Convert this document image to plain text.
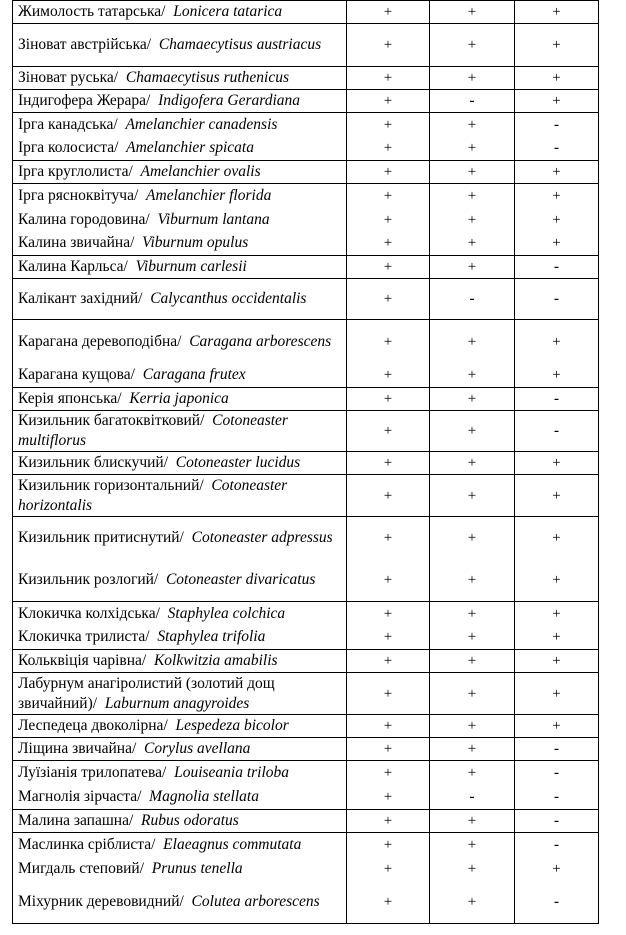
Жимолость татарська/ Lonicera tatarica	+	+	+
Зіноват австрійська/ Chamaecytisus austriacus	+	+	+
Зіноват руська/ Chamaecytisus ruthenicus	+	+	+
Індигофера Жерара/ Indigofera Gerardiana	+	-	+
Ірга канадська/ Amelanchier canadensis	+	+	-
Ірга колосиста/ Amelanchier spicata	+	+	-
Ірга круглолиста/ Amelanchier ovalis	+	+	+
Ірга рясноквітуча/ Amelanchier florida	+	+	+
Калина городовина/ Viburnum lantana	+	+	+
Калина звичайна/ Viburnum opulus	+	+	+
Калина Карльса/ Viburnum carlesii	+	+	-
Калікант західний/ Calycanthus occidentalis	+	-	-
Карагана деревоподібна/ Caragana arborescens	+	+	+
Карагана кущова/ Caragana frutex	+	+	+
Керія японська/ Kerria japonica	+	+	-
Кизильник багатоквітковий/ Cotoneaster multiflorus	+	+	-
Кизильник блискучий/ Cotoneaster lucidus	+	+	+
Кизильник горизонтальний/ Cotoneaster horizontalis	+	+	+
Кизильник притиснутий/ Cotoneaster adpressus	+	+	+
Кизильник розлогий/ Cotoneaster divaricatus	+	+	+
Клокичка колхідська/ Staphylea colchica	+	+	+
Клокичка трилиста/ Staphylea trifolia	+	+	+
Кольквіція чарівна/ Kolkwitzia amabilis	+	+	+
Лабурнум анагіролистий (золотий дощ звичайний)/ Laburnum anagyroides	+	+	+
Леспедеца двоколірна/ Lespedeza bicolor	+	+	+
Ліщина звичайна/ Corylus avellana	+	+	-
Луїзіанія трилопатева/ Louiseania triloba	+	+	-
Магнолія зірчаста/ Magnolia stellata	+	-	-
Малина запашна/ Rubus odoratus	+	+	-
Маслинка сріблиста/ Elaeagnus commutata	+	+	-
Мигдаль степовий/ Prunus tenella	+	+	+
Міхурник деревовидний/ Colutea arborescens	+	+	-
